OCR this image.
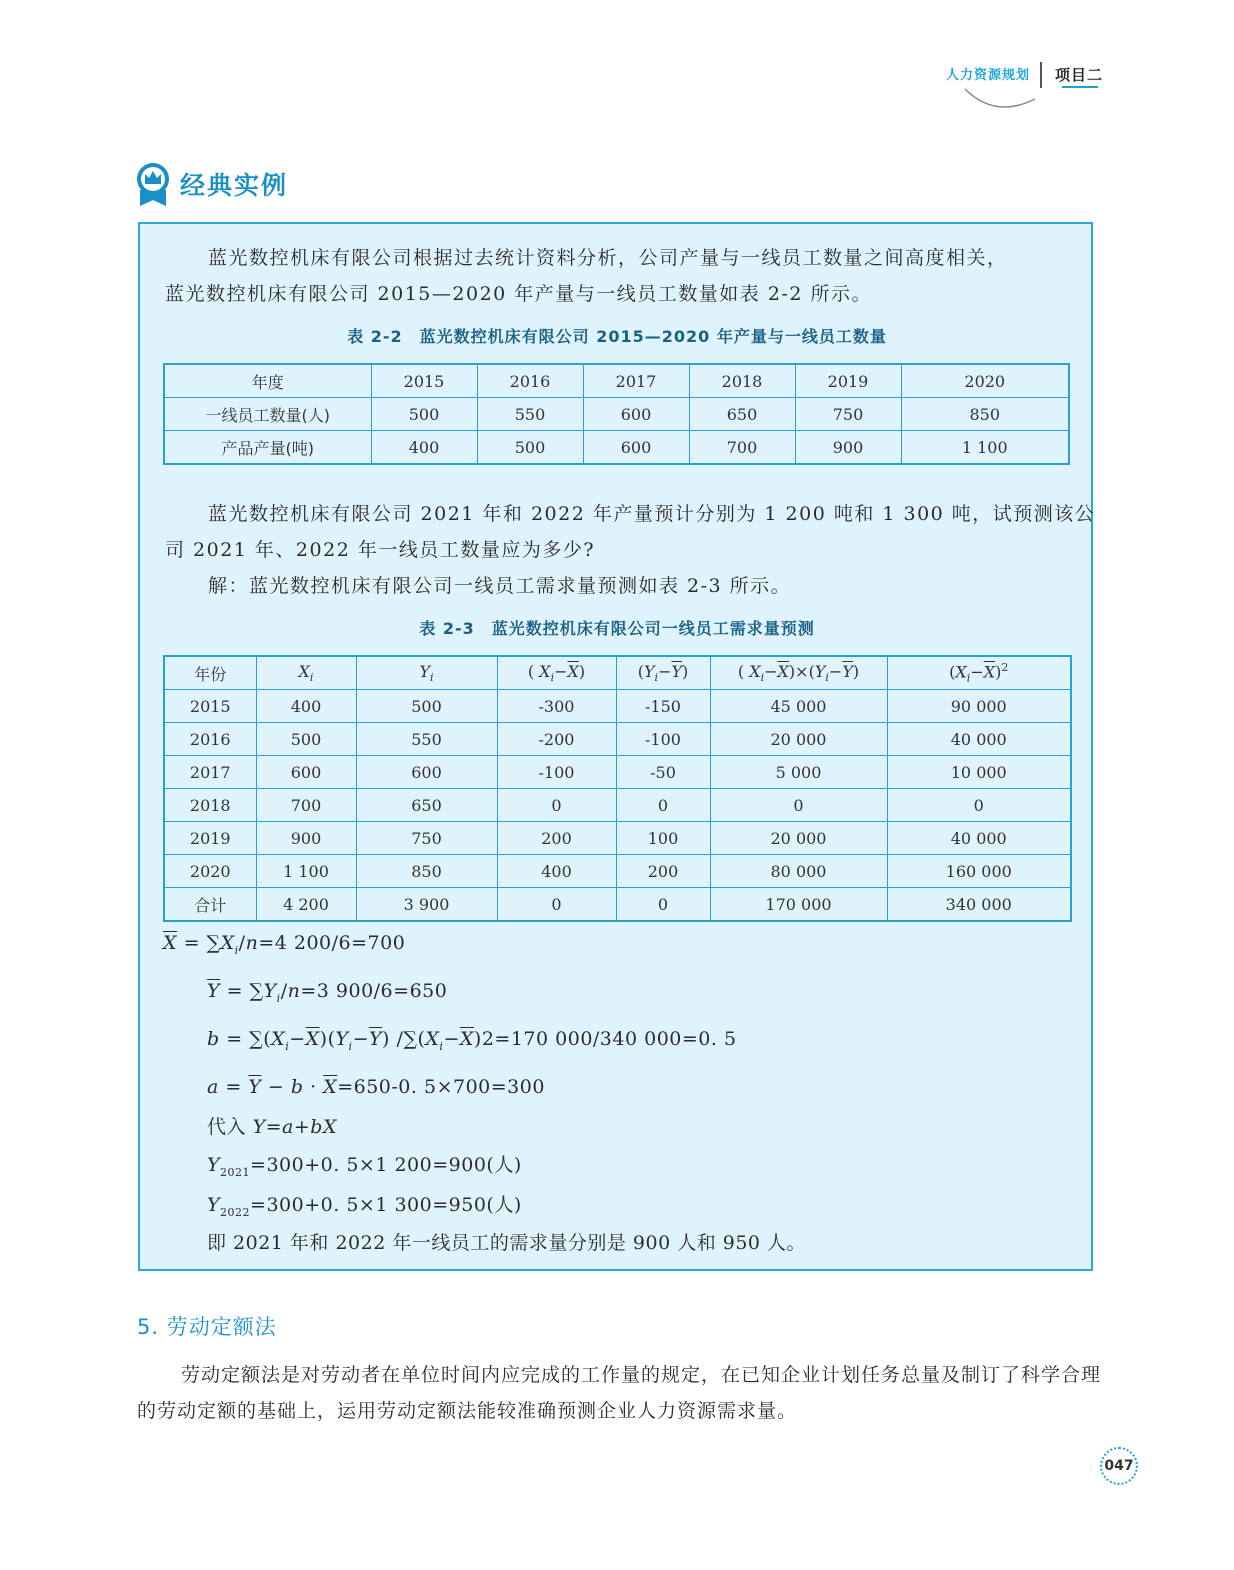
人力资源规划 项目二
经典实例
蓝光数控机床有限公司根据过去统计资料分析，公司产量与一线员工数量之间高度相关，
蓝光数控机床有限公司 2015—2020 年产量与一线员工数量如表 2-2 所示。
表 2-2　蓝光数控机床有限公司 2015—2020 年产量与一线员工数量
年度	2015	2016	2017	2018	2019	2020
一线员工数量(人)	500	550	600	650	750	850
产品产量(吨)	400	500	600	700	900	1 100
蓝光数控机床有限公司 2021 年和 2022 年产量预计分别为 1 200 吨和 1 300 吨，试预测该公
司 2021 年、2022 年一线员工数量应为多少?
解：蓝光数控机床有限公司一线员工需求量预测如表 2-3 所示。
表 2-3　蓝光数控机床有限公司一线员工需求量预测
年份	$X_i$	$Y_i$	( $X_i-\overline{X}$)	$(Y_i-\overline{Y})$	( $X_i-\overline{X})\times(Y_i-\overline{Y})$	$(X_i-\overline{X})^2$
2015	400	500	-300	-150	45 000	90 000
2016	500	550	-200	-100	20 000	40 000
2017	600	600	-100	-50	5 000	10 000
2018	700	650	0	0	0	0
2019	900	750	200	100	20 000	40 000
2020	1 100	850	400	200	80 000	160 000
合计	4 200	3 900	0	0	170 000	340 000
$\overline{X} = \sum X_i/n=4$ 200/6=700
$\overline{Y} = \sum Y_i/n=3$ 900/6=650
$b = \sum(X_i-\overline{X})(Y_i-\overline{Y})$ $/\sum(X_i-\overline{X})2=170$ 000/340 000=0. 5
$a = \overline{Y} - b \cdot \overline{X}=650-0$. 5×700=300
代入 Y=a+bX
$Y_{2021}=300+0$. 5×1 200=900(人)
$Y_{2022}=300+0$. 5×1 300=950(人)
即 2021 年和 2022 年一线员工的需求量分别是 900 人和 950 人。
5. 劳动定额法
劳动定额法是对劳动者在单位时间内应完成的工作量的规定，在已知企业计划任务总量及制订了科学合理的劳动定额的基础上，运用劳动定额法能较准确预测企业人力资源需求量。
047
